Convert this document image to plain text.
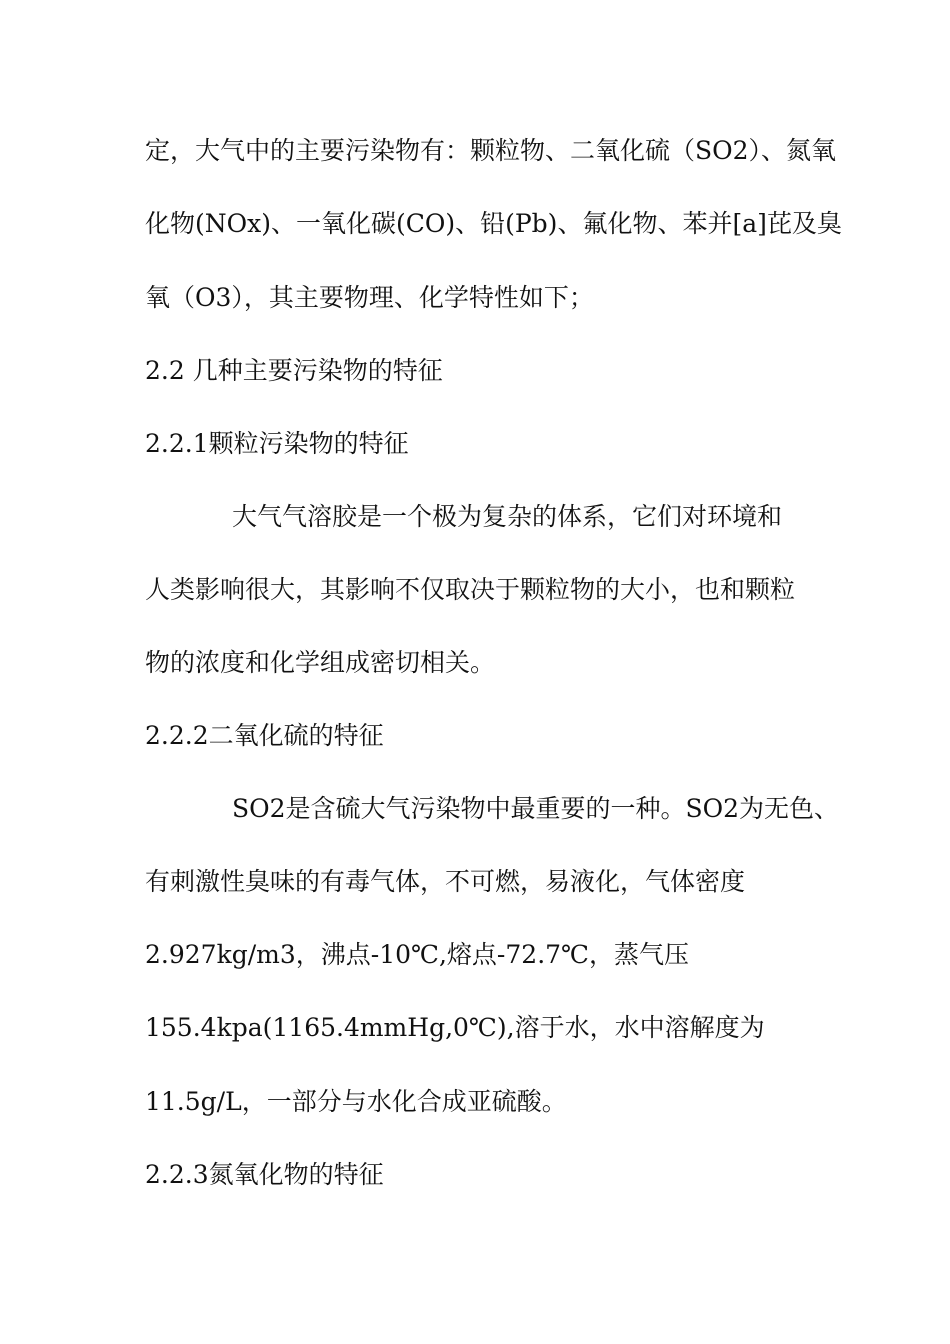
定，大气中的主要污染物有：颗粒物、二氧化硫（SO2）、氮氧
化物(NOx)、一氧化碳(CO)、铅(Pb)、氟化物、苯并[a]芘及臭
氧（O3），其主要物理、化学特性如下；
2.2 几种主要污染物的特征
2.2.1颗粒污染物的特征
大气气溶胶是一个极为复杂的体系，它们对环境和
人类影响很大，其影响不仅取决于颗粒物的大小，也和颗粒
物的浓度和化学组成密切相关。
2.2.2二氧化硫的特征
SO2是含硫大气污染物中最重要的一种。SO2为无色、
有刺激性臭味的有毒气体，不可燃，易液化，气体密度
2.927kg/m3，沸点-10℃,熔点-72.7℃，蒸气压
155.4kpa(1165.4mmHg,0℃),溶于水，水中溶解度为
11.5g/L，一部分与水化合成亚硫酸。
2.2.3氮氧化物的特征
